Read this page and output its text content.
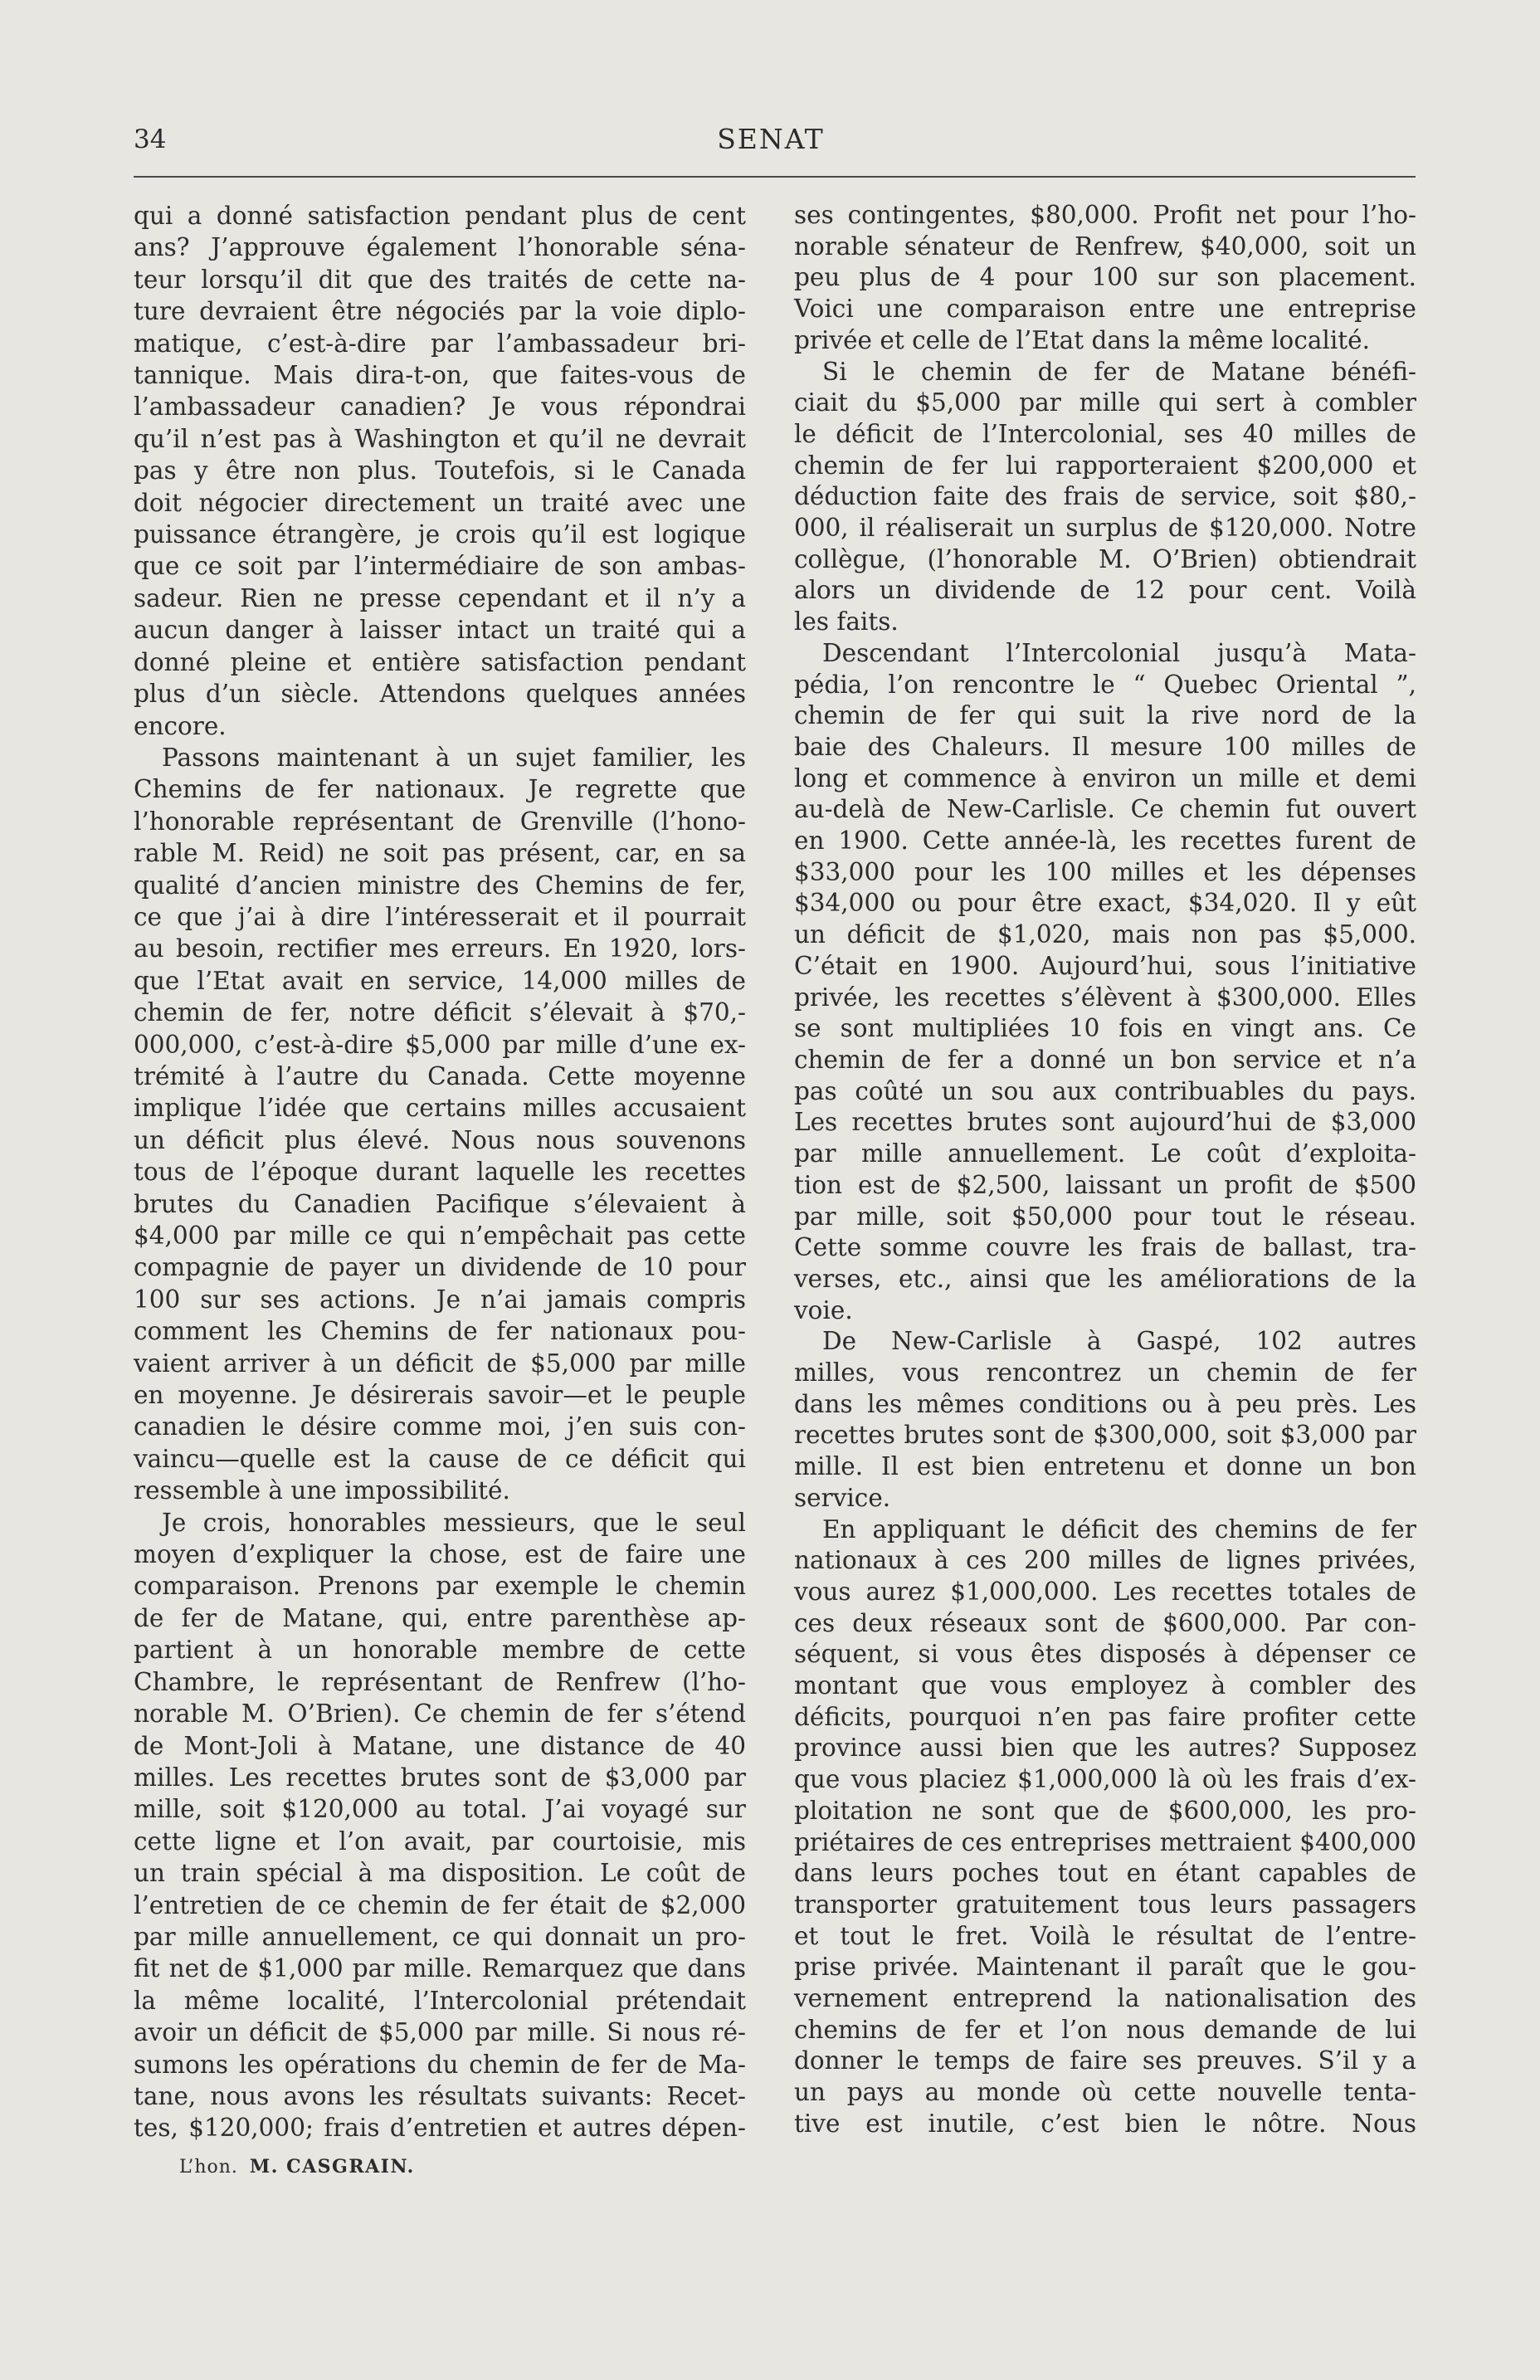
34	SENAT
qui a donné satisfaction pendant plus de cent
ans? J’approuve également l’honorable séna-
teur lorsqu’il dit que des traités de cette na-
ture devraient être négociés par la voie diplo-
matique, c’est-à-dire par l’ambassadeur bri-
tannique. Mais dira-t-on, que faites-vous de
l’ambassadeur canadien? Je vous répondrai
qu’il n’est pas à Washington et qu’il ne devrait
pas y être non plus. Toutefois, si le Canada
doit négocier directement un traité avec une
puissance étrangère, je crois qu’il est logique
que ce soit par l’intermédiaire de son ambas-
sadeur. Rien ne presse cependant et il n’y a
aucun danger à laisser intact un traité qui a
donné pleine et entière satisfaction pendant
plus d’un siècle. Attendons quelques années
encore.
Passons maintenant à un sujet familier, les
Chemins de fer nationaux. Je regrette que
l’honorable représentant de Grenville (l’hono-
rable M. Reid) ne soit pas présent, car, en sa
qualité d’ancien ministre des Chemins de fer,
ce que j’ai à dire l’intéresserait et il pourrait
au besoin, rectifier mes erreurs. En 1920, lors-
que l’Etat avait en service, 14,000 milles de
chemin de fer, notre déficit s’élevait à $70,-
000,000, c’est-à-dire $5,000 par mille d’une ex-
trémité à l’autre du Canada. Cette moyenne
implique l’idée que certains milles accusaient
un déficit plus élevé. Nous nous souvenons
tous de l’époque durant laquelle les recettes
brutes du Canadien Pacifique s’élevaient à
$4,000 par mille ce qui n’empêchait pas cette
compagnie de payer un dividende de 10 pour
100 sur ses actions. Je n’ai jamais compris
comment les Chemins de fer nationaux pou-
vaient arriver à un déficit de $5,000 par mille
en moyenne. Je désirerais savoir—et le peuple
canadien le désire comme moi, j’en suis con-
vaincu—quelle est la cause de ce déficit qui
ressemble à une impossibilité.
Je crois, honorables messieurs, que le seul
moyen d’expliquer la chose, est de faire une
comparaison. Prenons par exemple le chemin
de fer de Matane, qui, entre parenthèse ap-
partient à un honorable membre de cette
Chambre, le représentant de Renfrew (l’ho-
norable M. O’Brien). Ce chemin de fer s’étend
de Mont-Joli à Matane, une distance de 40
milles. Les recettes brutes sont de $3,000 par
mille, soit $120,000 au total. J’ai voyagé sur
cette ligne et l’on avait, par courtoisie, mis
un train spécial à ma disposition. Le coût de
l’entretien de ce chemin de fer était de $2,000
par mille annuellement, ce qui donnait un pro-
fit net de $1,000 par mille. Remarquez que dans
la même localité, l’Intercolonial prétendait
avoir un déficit de $5,000 par mille. Si nous ré-
sumons les opérations du chemin de fer de Ma-
tane, nous avons les résultats suivants: Recet-
tes, $120,000; frais d’entretien et autres dépen-
ses contingentes, $80,000. Profit net pour l’ho-
norable sénateur de Renfrew, $40,000, soit un
peu plus de 4 pour 100 sur son placement.
Voici une comparaison entre une entreprise
privée et celle de l’Etat dans la même localité.
Si le chemin de fer de Matane bénéfi-
ciait du $5,000 par mille qui sert à combler
le déficit de l’Intercolonial, ses 40 milles de
chemin de fer lui rapporteraient $200,000 et
déduction faite des frais de service, soit $80,-
000, il réaliserait un surplus de $120,000. Notre
collègue, (l’honorable M. O’Brien) obtiendrait
alors un dividende de 12 pour cent. Voilà
les faits.
Descendant l’Intercolonial jusqu’à Mata-
pédia, l’on rencontre le “ Quebec Oriental ”,
chemin de fer qui suit la rive nord de la
baie des Chaleurs. Il mesure 100 milles de
long et commence à environ un mille et demi
au-delà de New-Carlisle. Ce chemin fut ouvert
en 1900. Cette année-là, les recettes furent de
$33,000 pour les 100 milles et les dépenses
$34,000 ou pour être exact, $34,020. Il y eût
un déficit de $1,020, mais non pas $5,000.
C’était en 1900. Aujourd’hui, sous l’initiative
privée, les recettes s’élèvent à $300,000. Elles
se sont multipliées 10 fois en vingt ans. Ce
chemin de fer a donné un bon service et n’a
pas coûté un sou aux contribuables du pays.
Les recettes brutes sont aujourd’hui de $3,000
par mille annuellement. Le coût d’exploita-
tion est de $2,500, laissant un profit de $500
par mille, soit $50,000 pour tout le réseau.
Cette somme couvre les frais de ballast, tra-
verses, etc., ainsi que les améliorations de la
voie.
De New-Carlisle à Gaspé, 102 autres
milles, vous rencontrez un chemin de fer
dans les mêmes conditions ou à peu près. Les
recettes brutes sont de $300,000, soit $3,000 par
mille. Il est bien entretenu et donne un bon
service.
En appliquant le déficit des chemins de fer
nationaux à ces 200 milles de lignes privées,
vous aurez $1,000,000. Les recettes totales de
ces deux réseaux sont de $600,000. Par con-
séquent, si vous êtes disposés à dépenser ce
montant que vous employez à combler des
déficits, pourquoi n’en pas faire profiter cette
province aussi bien que les autres? Supposez
que vous placiez $1,000,000 là où les frais d’ex-
ploitation ne sont que de $600,000, les pro-
priétaires de ces entreprises mettraient $400,000
dans leurs poches tout en étant capables de
transporter gratuitement tous leurs passagers
et tout le fret. Voilà le résultat de l’entre-
prise privée. Maintenant il paraît que le gou-
vernement entreprend la nationalisation des
chemins de fer et l’on nous demande de lui
donner le temps de faire ses preuves. S’il y a
un pays au monde où cette nouvelle tenta-
tive est inutile, c’est bien le nôtre. Nous
L’hon. M. CASGRAIN.
